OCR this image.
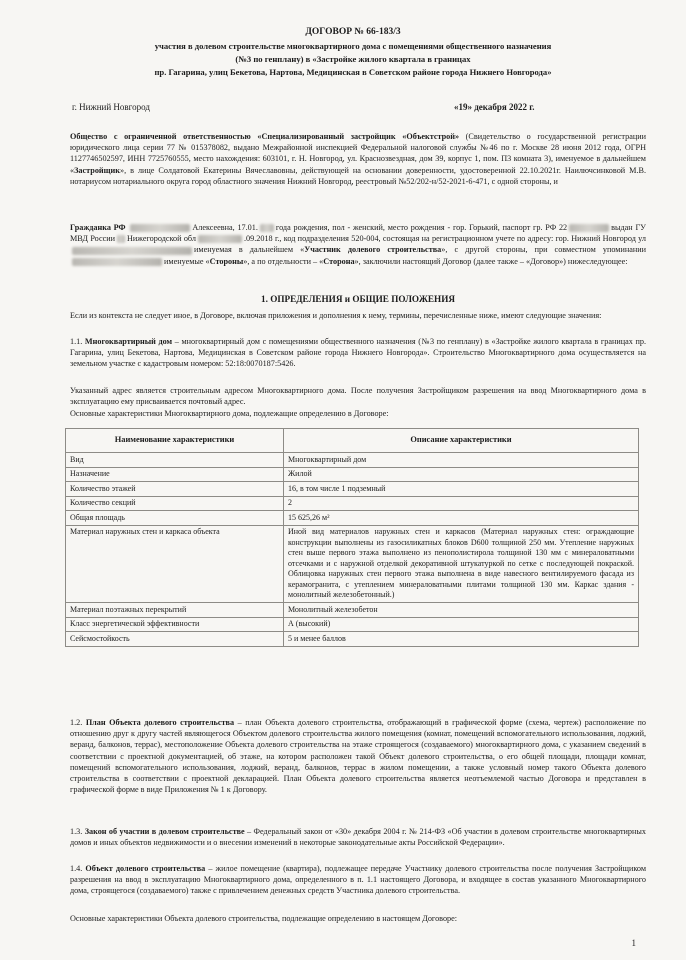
ДОГОВОР № 66-183/3
участия в долевом строительстве многоквартирного дома с помещениями общественного назначения
(№3 по генплану) в «Застройке жилого квартала в границах
пр. Гагарина, улиц Бекетова, Нартова, Медицинская в Советском районе города Нижнего Новгорода»
г. Нижний Новгород	«19» декабря 2022 г.
Общество с ограниченной ответственностью «Специализированный застройщик «Объектстрой» (Свидетельство о государственной регистрации юридического лица серии 77 № 015378082, выдано Межрайонной инспекцией Федеральной налоговой службы №46 по г. Москве 28 июня 2012 года, ОГРН 1127746502597, ИНН 7725760555, место нахождения: 603101, г. Н. Новгород, ул. Краснозвездная, дом 39, корпус 1, пом. П3 комната 3), именуемое в дальнейшем «Застройщик», в лице Солдатовой Екатерины Вячеславовны, действующей на основании доверенности, удостоверенной 22.10.2021г. Наилючсинковой М.В. нотариусом нотариального округа город областного значения Нижний Новгород, реестровый №52/202-н/52-2021-6-471, с одной стороны, и
Гражданка РФ	Алексеевна, 17.01. года рождения, пол - женский, место рождения - гор. Горький, паспорт гр. РФ 22	выдан ГУ МВД России Нижегородской обл	.09.2018 г., код подразделения 520-004, состоящая на регистрационном учете по адресу: гор. Нижний Новгород улименуемая в дальнейшем «Участник долевого строительства», с другой стороны, при совместном упоминанииименуемые «Стороны», а по отдельности – «Сторона», заключили настоящий Договор (далее также – «Договор») нижеследующее:
1. ОПРЕДЕЛЕНИЯ и ОБЩИЕ ПОЛОЖЕНИЯ
Если из контекста не следует иное, в Договоре, включая приложения и дополнения к нему, термины, перечисленные ниже, имеют следующие значения:
1.1. Многоквартирный дом – многоквартирный дом с помещениями общественного назначения (№3 по генплану) в «Застройке жилого квартала в границах пр. Гагарина, улиц Бекетова, Нартова, Медицинская в Советском районе города Нижнего Новгорода». Строительство Многоквартирного дома осуществляется на земельном участке с кадастровым номером: 52:18:0070187:5426.
Указанный адрес является строительным адресом Многоквартирного дома. После получения Застройщиком разрешения на ввод Многоквартирного дома в эксплуатацию ему присваивается почтовый адрес.
Основные характеристики Многоквартирного дома, подлежащие определению в Договоре:
Наименование характеристики	Описание характеристики
Вид	Многоквартирный дом
Назначение	Жилой
Количество этажей	16, в том числе 1 подземный
Количество секций	2
Общая площадь	15 625,26 м²
Материал наружных стен и каркаса объекта	Иной вид материалов наружных стен и каркасов (Материал наружных стен: ограждающие конструкции выполнены из газосиликатных блоков D600 толщиной 250 мм. Утепление наружных стен выше первого этажа выполнено из пенополистирола толщиной 130 мм с минераловатными отсечками и с наружной отделкой декоративной штукатуркой по сетке с последующей покраской. Облицовка наружных стен первого этажа выполнена в виде навесного вентилируемого фасада из керамогранита, с утеплением минераловатными плитами толщиной 130 мм. Каркас здания - монолитный железобетонный.)
Материал поэтажных перекрытий	Монолитный железобетон
Класс энергетической эффективности	А (высокий)
Сейсмостойкость	5 и менее баллов
1.2. План Объекта долевого строительства – план Объекта долевого строительства, отображающий в графической форме (схема, чертеж) расположение по отношению друг к другу частей являющегося Объектом долевого строительства жилого помещения (комнат, помещений вспомогательного использования, лоджий, веранд, балконов, террас), местоположение Объекта долевого строительства на этаже строящегося (создаваемого) многоквартирного дома, с указанием сведений в соответствии с проектной документацией, об этаже, на котором расположен такой Объект долевого строительства, о его общей площади, площади комнат, помещений вспомогательного использования, лоджий, веранд, балконов, террас в жилом помещении, а также условный номер такого Объекта долевого строительства в соответствии с проектной декларацией. План Объекта долевого строительства является неотъемлемой частью Договора и представлен в графической форме в виде Приложения № 1 к Договору.
1.3. Закон об участии в долевом строительстве – Федеральный закон от «30» декабря 2004 г. № 214-ФЗ «Об участии в долевом строительстве многоквартирных домов и иных объектов недвижимости и о внесении изменений в некоторые законодательные акты Российской Федерации».
1.4. Объект долевого строительства – жилое помещение (квартира), подлежащее передаче Участнику долевого строительства после получения Застройщиком разрешения на ввод в эксплуатацию Многоквартирного дома, определенного в п. 1.1 настоящего Договора, и входящее в состав указанного Многоквартирного дома, строящегося (создаваемого) также с привлечением денежных средств Участника долевого строительства.
Основные характеристики Объекта долевого строительства, подлежащие определению в настоящем Договоре:
1
